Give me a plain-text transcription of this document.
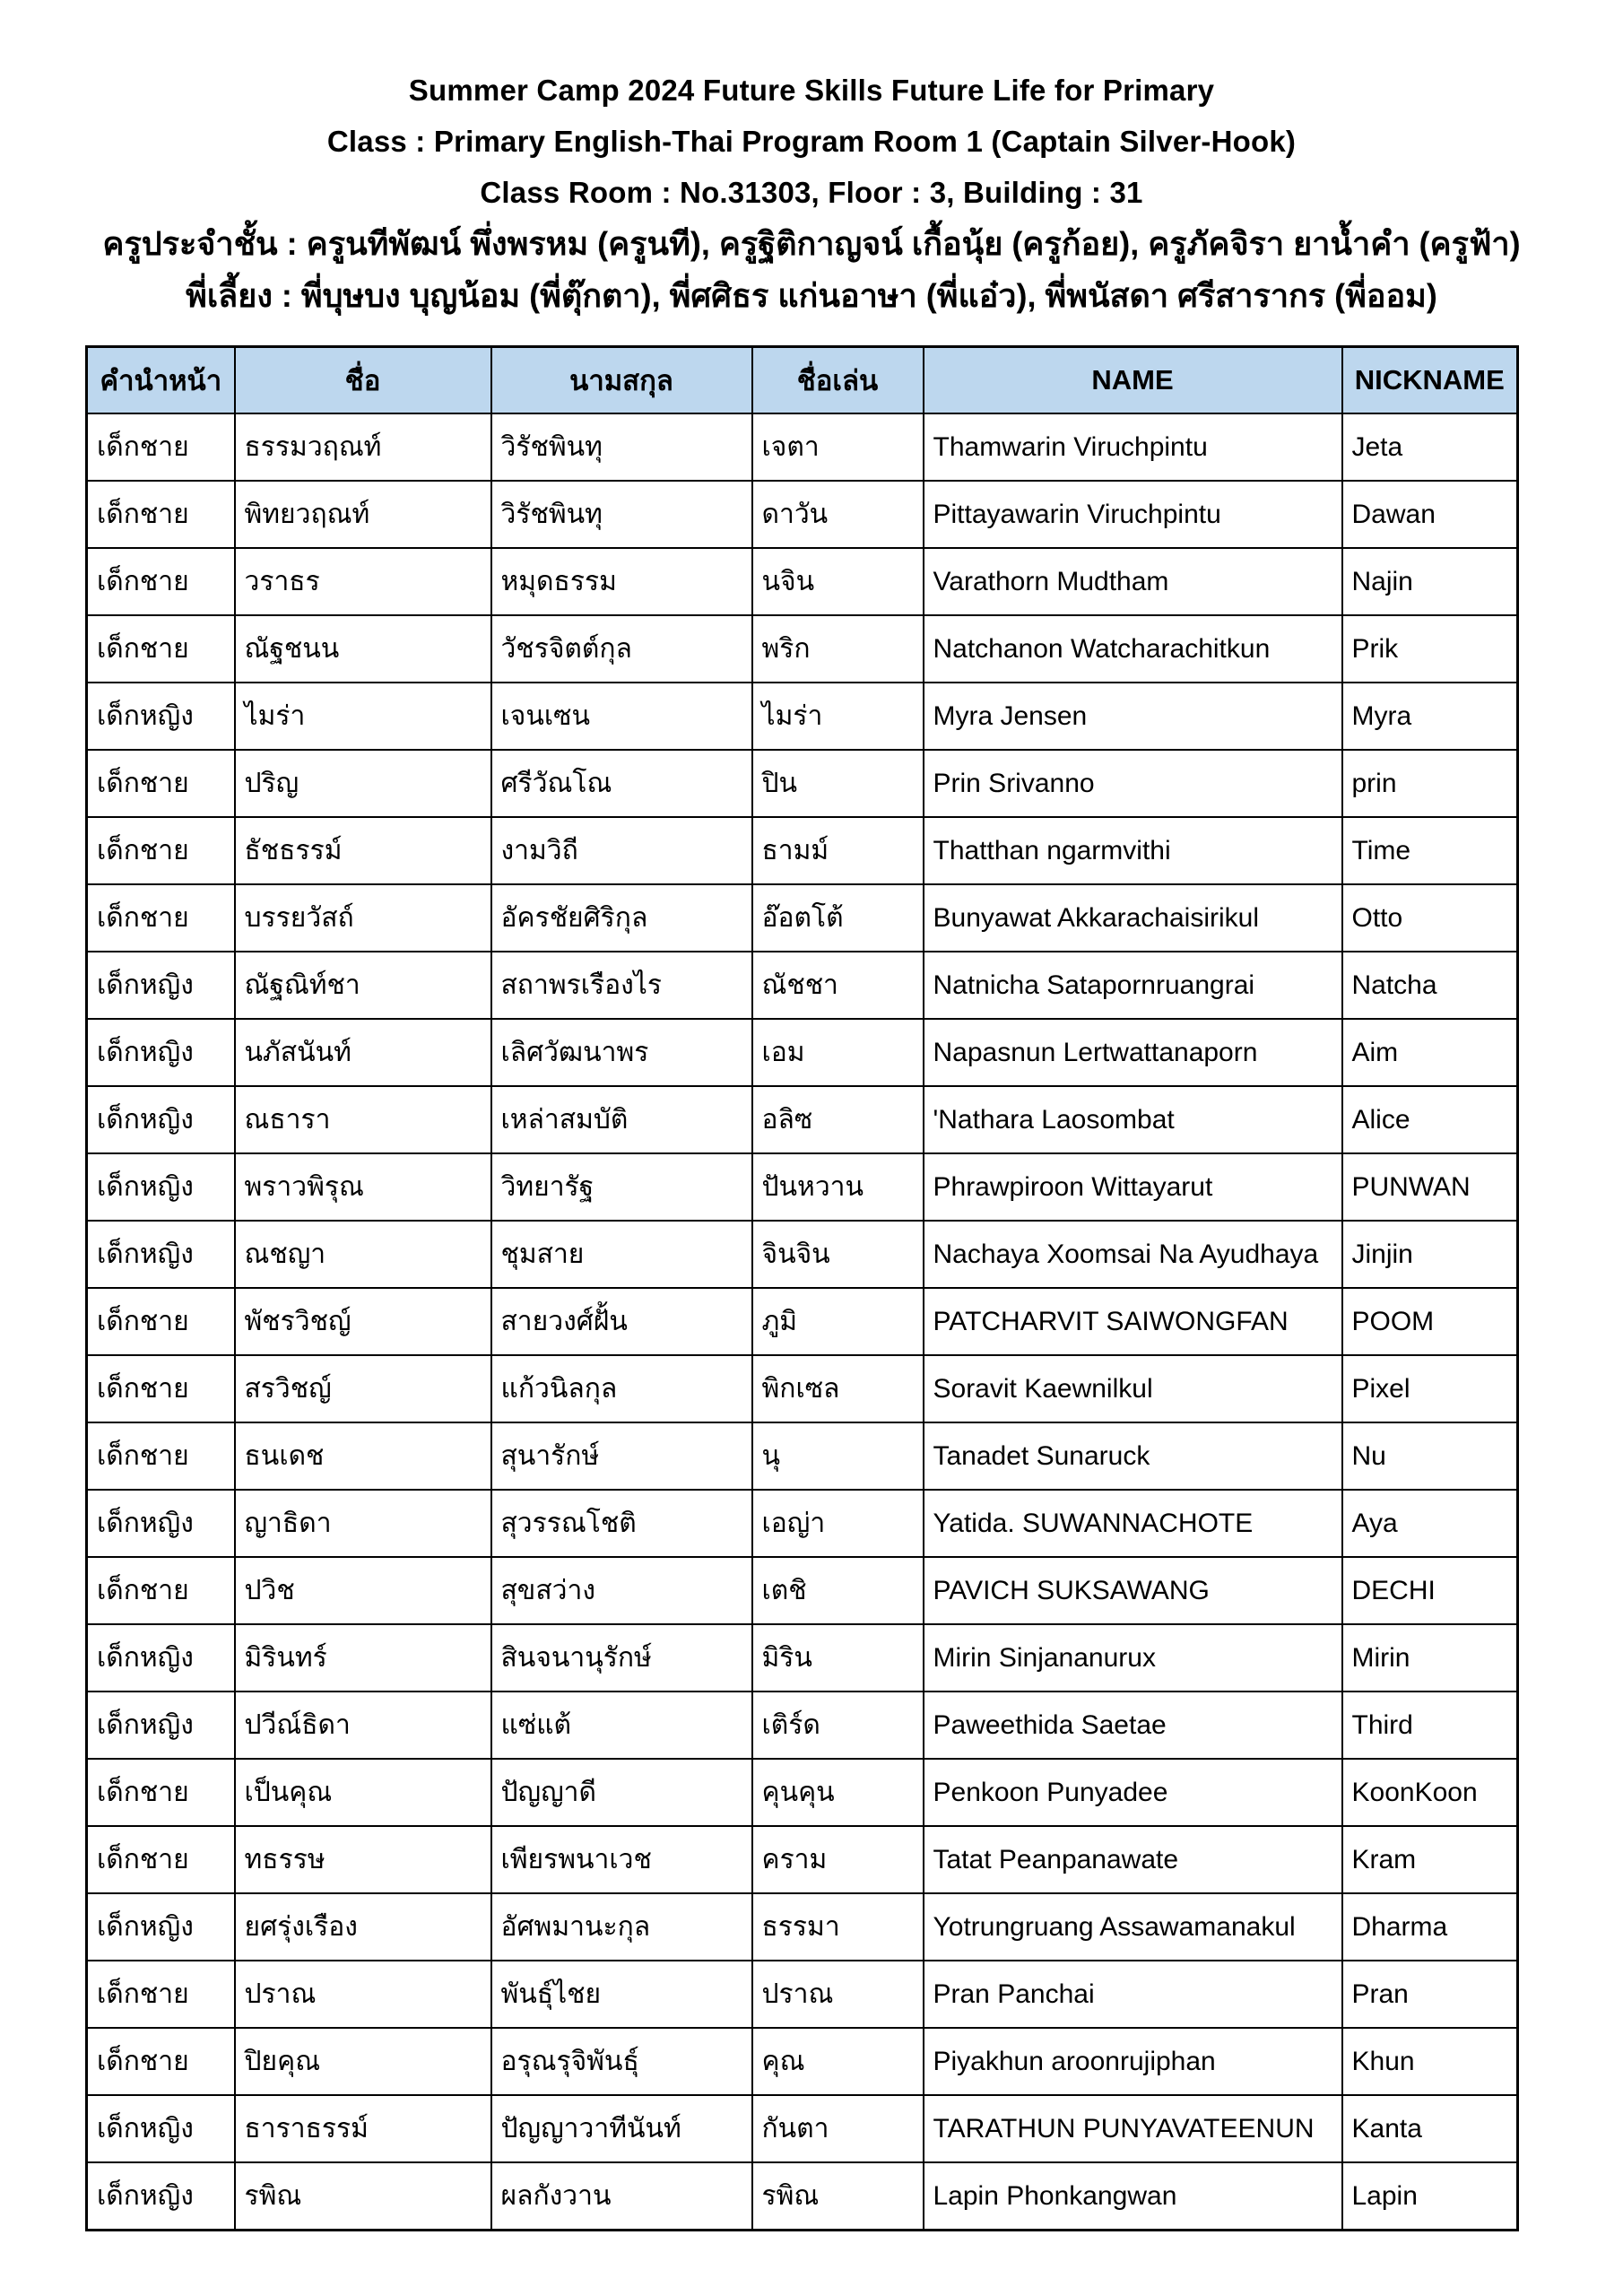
Summer Camp 2024 Future Skills Future Life for Primary
Class : Primary English-Thai Program Room 1 (Captain Silver-Hook)
Class Room : No.31303, Floor : 3, Building : 31
ครูประจำชั้น : ครูนทีพัฒน์ พึ่งพรหม (ครูนที), ครูฐิติกาญจน์ เกื้อนุ้ย (ครูก้อย), ครูภัคจิรา ยาน้ำคำ (ครูฟ้า)
พี่เลี้ยง : พี่บุษบง บุญน้อม (พี่ตุ๊กตา), พี่ศศิธร แก่นอาษา (พี่แอ๋ว), พี่พนัสดา ศรีสารากร (พี่ออม)
คำนำหน้า	ชื่อ	นามสกุล	ชื่อเล่น	NAME	NICKNAME
เด็กชาย	ธรรมวฤณท์	วิรัชพินทุ	เจตา	Thamwarin Viruchpintu	Jeta
เด็กชาย	พิทยวฤณท์	วิรัชพินทุ	ดาวัน	Pittayawarin Viruchpintu	Dawan
เด็กชาย	วราธร	หมุดธรรม	นจิน	Varathorn Mudtham	Najin
เด็กชาย	ณัฐชนน	วัชรจิตต์กุล	พริก	Natchanon Watcharachitkun	Prik
เด็กหญิง	ไมร่า	เจนเซน	ไมร่า	Myra Jensen	Myra
เด็กชาย	ปริญ	ศรีวัณโณ	ปิน	Prin Srivanno	prin
เด็กชาย	ธัชธรรม์	งามวิถี	ธามม์	Thatthan ngarmvithi	Time
เด็กชาย	บรรยวัสถ์	อัครชัยศิริกุล	อ๊อตโต้	Bunyawat Akkarachaisirikul	Otto
เด็กหญิง	ณัฐณิท์ชา	สถาพรเรืองไร	ณัชชา	Natnicha Satapornruangrai	Natcha
เด็กหญิง	นภัสนันท์	เลิศวัฒนาพร	เอม	Napasnun Lertwattanaporn	Aim
เด็กหญิง	ณธารา	เหล่าสมบัติ	อลิซ	'Nathara Laosombat	Alice
เด็กหญิง	พราวพิรุณ	วิทยารัฐ	ปันหวาน	Phrawpiroon Wittayarut	PUNWAN
เด็กหญิง	ณชญา	ชุมสาย	จินจิน	Nachaya Xoomsai Na Ayudhaya	Jinjin
เด็กชาย	พัชรวิชญ์	สายวงศ์ฝั้น	ภูมิ	PATCHARVIT SAIWONGFAN	POOM
เด็กชาย	สรวิชญ์	แก้วนิลกุล	พิกเซล	Soravit Kaewnilkul	Pixel
เด็กชาย	ธนเดช	สุนารักษ์	นุ	Tanadet Sunaruck	Nu
เด็กหญิง	ญาธิดา	สุวรรณโชติ	เอญ่า	Yatida. SUWANNACHOTE	Aya
เด็กชาย	ปวิช	สุขสว่าง	เตชิ	PAVICH SUKSAWANG	DECHI
เด็กหญิง	มิรินทร์	สินจนานุรักษ์	มิริน	Mirin Sinjananurux	Mirin
เด็กหญิง	ปวีณ์ธิดา	แซ่แต้	เติร์ด	Paweethida Saetae	Third
เด็กชาย	เป็นคุณ	ปัญญาดี	คุนคุน	Penkoon Punyadee	KoonKoon
เด็กชาย	ทธรรษ	เพียรพนาเวช	คราม	Tatat Peanpanawate	Kram
เด็กหญิง	ยศรุ่งเรือง	อัศพมานะกุล	ธรรมา	Yotrungruang Assawamanakul	Dharma
เด็กชาย	ปราณ	พันธุ์ไชย	ปราณ	Pran Panchai	Pran
เด็กชาย	ปิยคุณ	อรุณรุจิพันธุ์	คุณ	Piyakhun aroonrujiphan	Khun
เด็กหญิง	ธาราธรรม์	ปัญญาวาทีนันท์	กันตา	TARATHUN PUNYAVATEENUN	Kanta
เด็กหญิง	รพิณ	ผลกังวาน	รพิณ	Lapin Phonkangwan	Lapin
